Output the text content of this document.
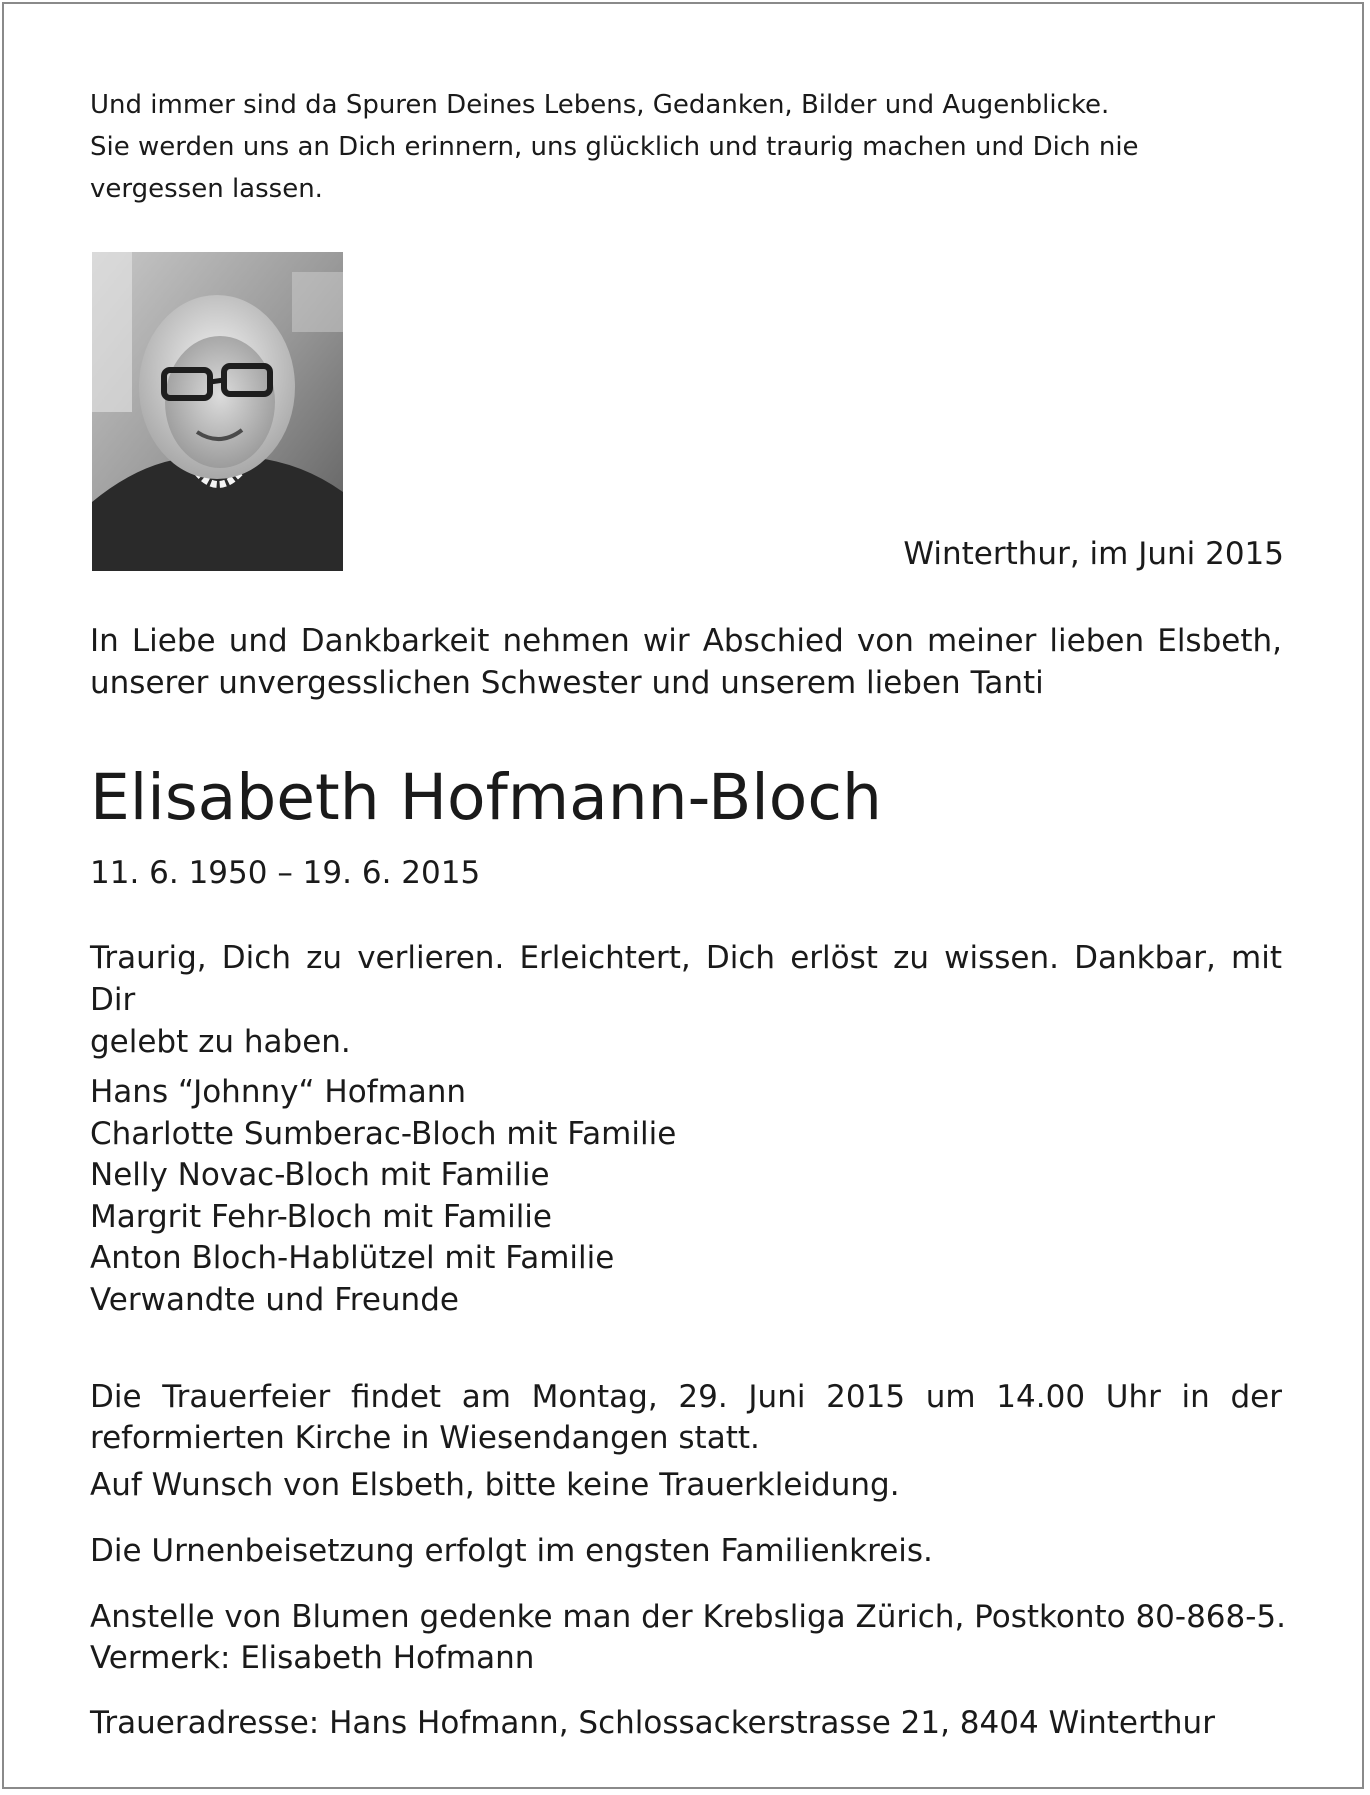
Und immer sind da Spuren Deines Lebens, Gedanken, Bilder und Augenblicke.
Sie werden uns an Dich erinnern, uns glücklich und traurig machen und Dich nie
vergessen lassen.
Winterthur, im Juni 2015
In Liebe und Dankbarkeit nehmen wir Abschied von meiner lieben Elsbeth,
unserer unvergesslichen Schwester und unserem lieben Tanti
Elisabeth Hofmann-Bloch
11. 6. 1950 – 19. 6. 2015
Traurig, Dich zu verlieren. Erleichtert, Dich erlöst zu wissen. Dankbar, mit Dir
gelebt zu haben.
Hans “Johnny“ Hofmann
Charlotte Sumberac-Bloch mit Familie
Nelly Novac-Bloch mit Familie
Margrit Fehr-Bloch mit Familie
Anton Bloch-Hablützel mit Familie
Verwandte und Freunde
Die Trauerfeier findet am Montag, 29. Juni 2015 um 14.00 Uhr in der
reformierten Kirche in Wiesendangen statt.
Auf Wunsch von Elsbeth, bitte keine Trauerkleidung.
Die Urnenbeisetzung erfolgt im engsten Familienkreis.
Anstelle von Blumen gedenke man der Krebsliga Zürich, Postkonto 80-868-5.
Vermerk: Elisabeth Hofmann
Traueradresse: Hans Hofmann, Schlossackerstrasse 21, 8404 Winterthur
